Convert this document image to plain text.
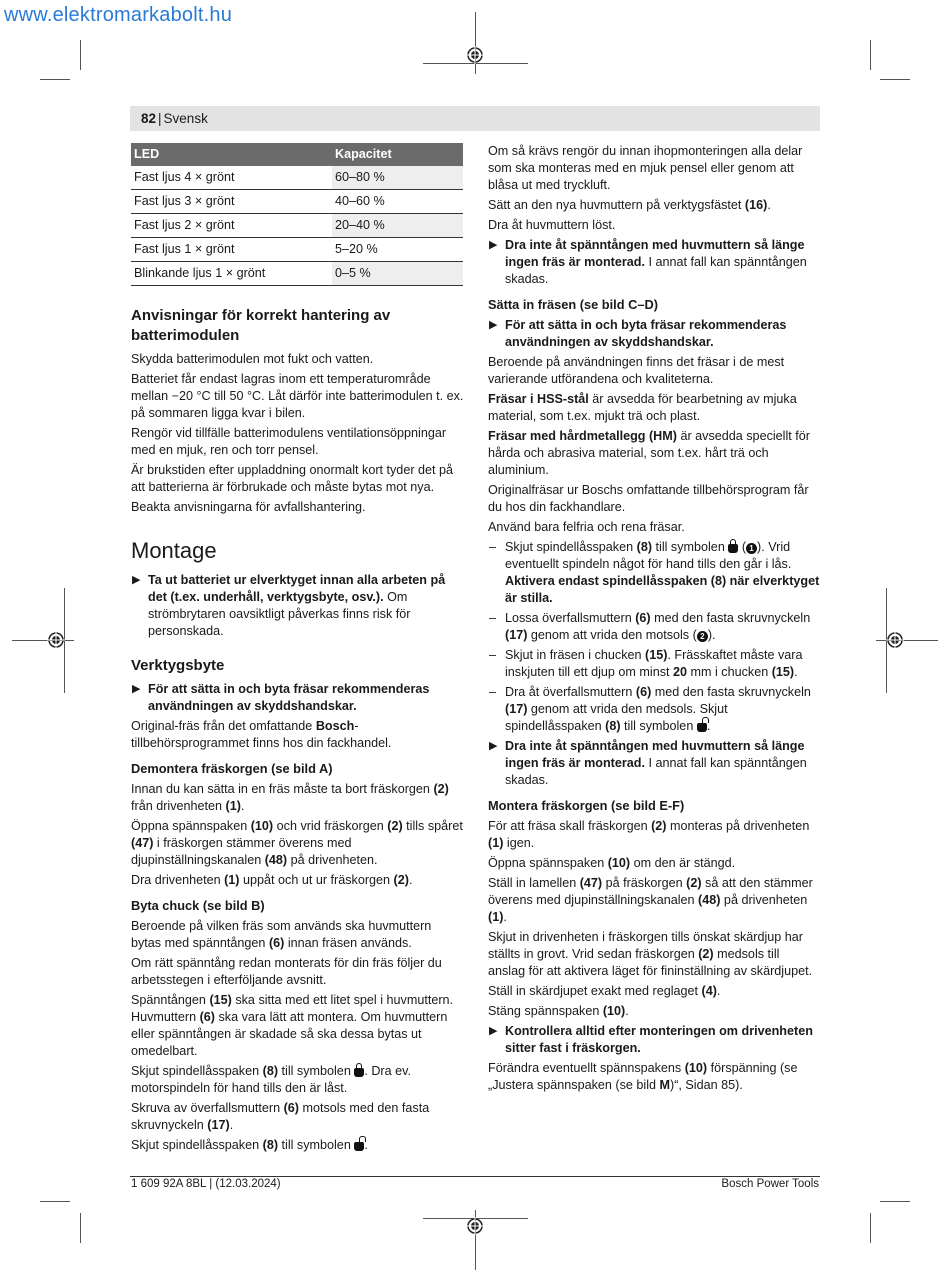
www.elektromarkabolt.hu
82 | Svensk
LED	Kapacitet
Fast ljus 4 × grönt	60–80 %
Fast ljus 3 × grönt	40–60 %
Fast ljus 2 × grönt	20–40 %
Fast ljus 1 × grönt	5–20 %
Blinkande ljus 1 × grönt	0–5 %
Anvisningar för korrekt hantering av batterimodulen

Skydda batterimodulen mot fukt och vatten.

Batteriet får endast lagras inom ett temperaturområde mellan −20 °C till 50 °C. Låt därför inte batterimodulen t. ex. på sommaren ligga kvar i bilen.

Rengör vid tillfälle batterimodulens ventilationsöppningar med en mjuk, ren och torr pensel.

Är brukstiden efter uppladdning onormalt kort tyder det på att batterierna är förbrukade och måste bytas mot nya.

Beakta anvisningarna för avfallshantering.

Montage

▶ Ta ut batteriet ur elverktyget innan alla arbeten på det (t.ex. underhåll, verktygsbyte, osv.). Om strömbrytaren oavsiktligt påverkas finns risk för personskada.

Verktygsbyte

▶ För att sätta in och byta fräsar rekommenderas användningen av skyddshandskar.

Original-fräs från det omfattande Bosch-tillbehörsprogrammet finns hos din fackhandel.

Demontera fräskorgen (se bild A)

Innan du kan sätta in en fräs måste ta bort fräskorgen (2) från drivenheten (1).

Öppna spännspaken (10) och vrid fräskorgen (2) tills spåret (47) i fräskorgen stämmer överens med djupinställningskanalen (48) på drivenheten.

Dra drivenheten (1) uppåt och ut ur fräskorgen (2).

Byta chuck (se bild B)

Beroende på vilken fräs som används ska huvmuttern bytas med spänntången (6) innan fräsen används.

Om rätt spänntång redan monterats för din fräs följer du arbetsstegen i efterföljande avsnitt.

Spänntången (15) ska sitta med ett litet spel i huvmuttern. Huvmuttern (6) ska vara lätt att montera. Om huvmuttern eller spänntången är skadade så ska dessa bytas ut omedelbart.

Skjut spindellåsspaken (8) till symbolen . Dra ev. motorspindeln för hand tills den är låst.

Skruva av överfallsmuttern (6) motsols med den fasta skruvnyckeln (17).

Skjut spindellåsspaken (8) till symbolen .

Om så krävs rengör du innan ihopmonteringen alla delar som ska monteras med en mjuk pensel eller genom att blåsa ut med tryckluft.

Sätt an den nya huvmuttern på verktygsfästet (16).

Dra åt huvmuttern löst.

▶ Dra inte åt spänntången med huvmuttern så länge ingen fräs är monterad. I annat fall kan spänntången skadas.

Sätta in fräsen (se bild C–D)

▶ För att sätta in och byta fräsar rekommenderas användningen av skyddshandskar.

Beroende på användningen finns det fräsar i de mest varierande utförandena och kvaliteterna.

Fräsar i HSS-stål är avsedda för bearbetning av mjuka material, som t.ex. mjukt trä och plast.

Fräsar med hårdmetallegg (HM) är avsedda speciellt för hårda och abrasiva material, som t.ex. hårt trä och aluminium.

Originalfräsar ur Boschs omfattande tillbehörsprogram får du hos din fackhandlare.

Använd bara felfria och rena fräsar.

– Skjut spindellåsspaken (8) till symbolen  ( 1 ). Vrid eventuellt spindeln något för hand tills den går i lås. Aktivera endast spindellåsspaken (8) när elverktyget är stilla.

– Lossa överfallsmuttern (6) med den fasta skruvnyckeln (17) genom att vrida den motsols ( 2 ).

– Skjut in fräsen i chucken (15). Frässkaftet måste vara inskjuten till ett djup om minst 20 mm i chucken (15).

– Dra åt överfallsmuttern (6) med den fasta skruvnyckeln (17) genom att vrida den medsols. Skjut spindellåsspaken (8) till symbolen .

▶ Dra inte åt spänntången med huvmuttern så länge ingen fräs är monterad. I annat fall kan spänntången skadas.

Montera fräskorgen (se bild E-F)

För att fräsa skall fräskorgen (2) monteras på drivenheten (1) igen.

Öppna spännspaken (10) om den är stängd.

Ställ in lamellen (47) på fräskorgen (2) så att den stämmer överens med djupinställningskanalen (48) på drivenheten (1).

Skjut in drivenheten i fräskorgen tills önskat skärdjup har ställts in grovt. Vrid sedan fräskorgen (2) medsols till anslag för att aktivera läget för fininställning av skärdjupet.

Ställ in skärdjupet exakt med reglaget (4).

Stäng spännspaken (10).

▶ Kontrollera alltid efter monteringen om drivenheten sitter fast i fräskorgen.

Förändra eventuellt spännspakens (10) förspänning (se „Justera spännspaken (se bild M)“, Sidan 85).

1 609 92A 8BL | (12.03.2024)	Bosch Power Tools
